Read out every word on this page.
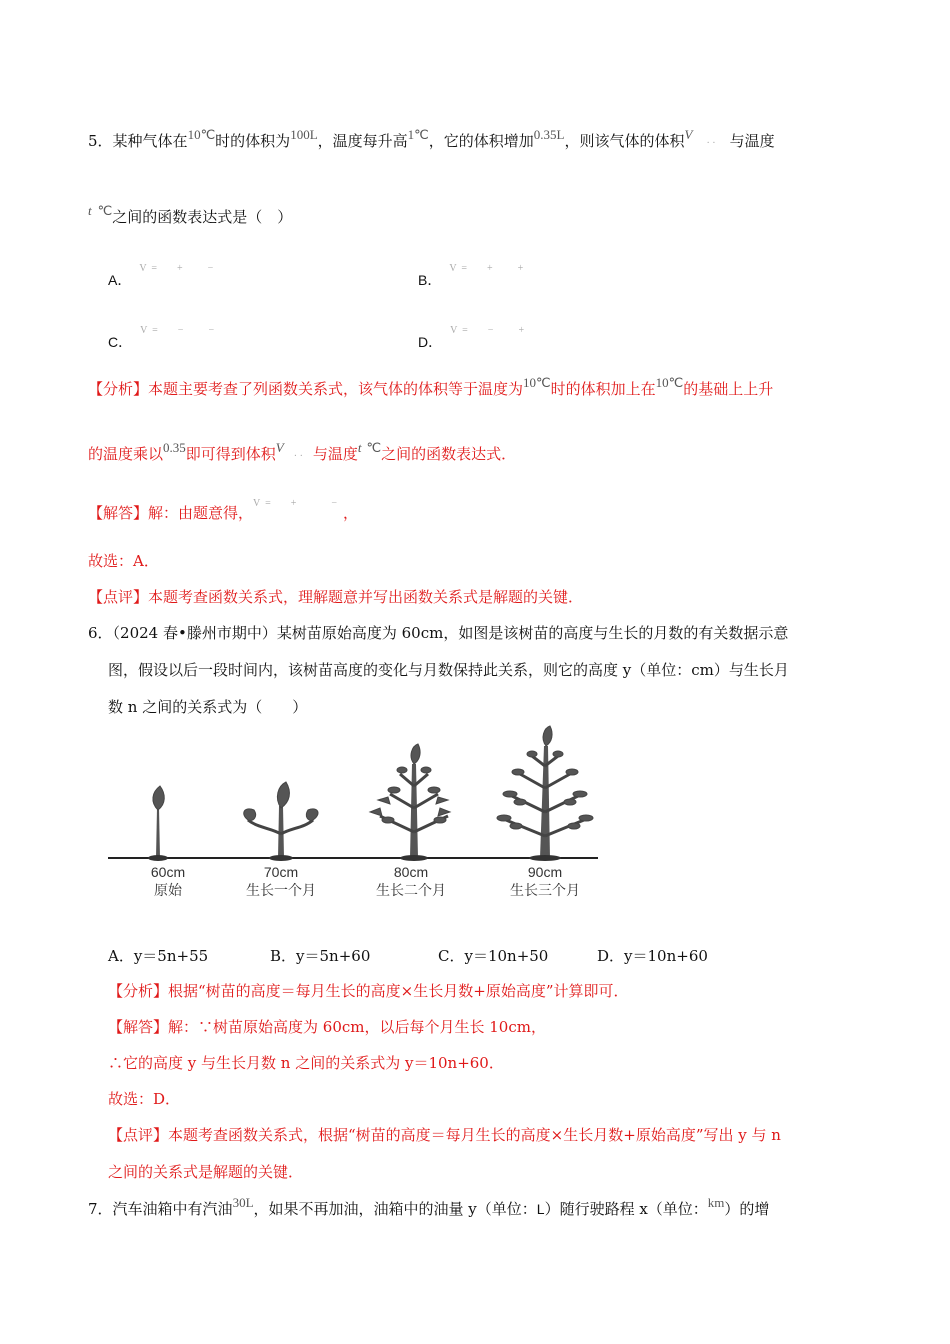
5．某种气体在10℃时的体积为100L，温度每升高1℃，它的体积增加0.35L，则该气体的体积V· · 与温度
t ℃之间的函数表达式是（　）
A．V  =        +          −
B．V  =        +          +
C．V  =        −          −
D．V  =        −          +
【分析】本题主要考查了列函数关系式，该气体的体积等于温度为10℃时的体积加上在10℃的基础上上升
的温度乘以0.35即可得到体积V· · 与温度t ℃之间的函数表达式．
【解答】解：由题意得，$^{V = + -}$，
故选：A．
【点评】本题考查函数关系式，理解题意并写出函数关系式是解题的关键．
6．（2024 春•滕州市期中）某树苗原始高度为 60cm，如图是该树苗的高度与生长的月数的有关数据示意
图，假设以后一段时间内，该树苗高度的变化与月数保持此关系，则它的高度 y（单位：cm）与生长月
数 n 之间的关系式为（　　）
60cm
原始
70cm
生长一个月
80cm
生长二个月
90cm
生长三个月
A．y＝5n+55	B．y＝5n+60	C．y＝10n+50	D．y＝10n+60
【分析】根据“树苗的高度＝每月生长的高度×生长月数+原始高度”计算即可．
【解答】解：∵树苗原始高度为 60cm，以后每个月生长 10cm，
∴它的高度 y 与生长月数 n 之间的关系式为 y＝10n+60．
故选：D．
【点评】本题考查函数关系式，根据“树苗的高度＝每月生长的高度×生长月数+原始高度”写出 y 与 n
之间的关系式是解题的关键．
7．汽车油箱中有汽油30L，如果不再加油，油箱中的油量 y（单位：L）随行驶路程 x（单位：km）的增
